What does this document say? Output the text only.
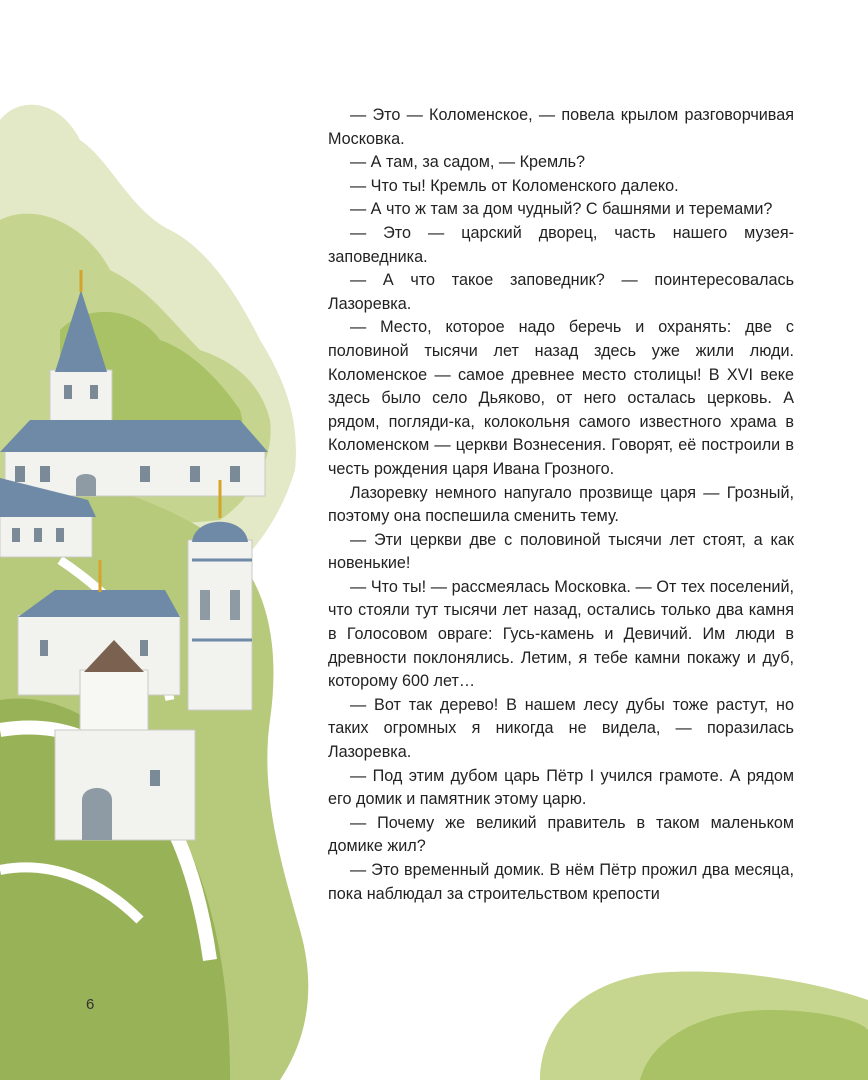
— Это — Коломенское, — повела крылом разговорчивая Московка.

— А там, за садом, — Кремль?

— Что ты! Кремль от Коломенского далеко.

— А что ж там за дом чудный? С башнями и теремами?

— Это — царский дворец, часть нашего музея-заповедника.

— А что такое заповедник? — поинтересовалась Лазоревка.

— Место, которое надо беречь и охранять: две с половиной тысячи лет назад здесь уже жили люди. Коломенское — самое древнее место столицы! В XVI веке здесь было село Дьяково, от него осталась церковь. А рядом, погляди-ка, колокольня самого известного храма в Коломенском — церкви Вознесения. Говорят, её построили в честь рождения царя Ивана Грозного.

Лазоревку немного напугало прозвище царя — Грозный, поэтому она поспешила сменить тему.

— Эти церкви две с половиной тысячи лет стоят, а как новенькие!

— Что ты! — рассмеялась Московка. — От тех поселений, что стояли тут тысячи лет назад, остались только два камня в Голосовом овраге: Гусь-камень и Девичий. Им люди в древности поклонялись. Летим, я тебе камни покажу и дуб, которому 600 лет…

— Вот так дерево! В нашем лесу дубы тоже растут, но таких огромных я никогда не видела, — поразилась Лазоревка.

— Под этим дубом царь Пётр I учился грамоте. А рядом его домик и памятник этому царю.

— Почему же великий правитель в таком маленьком домике жил?

— Это временный домик. В нём Пётр прожил два месяца, пока наблюдал за строительством крепости

6
